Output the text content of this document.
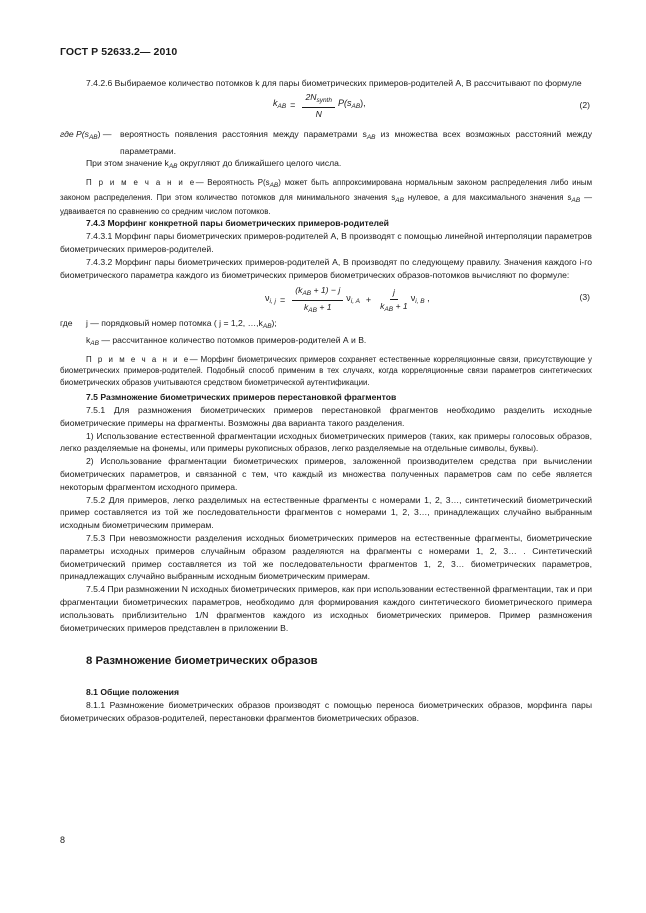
ГОСТ Р 52633.2— 2010

7.4.2.6 Выбираемое количество потомков k для пары биометрических примеров-родителей А, В рассчитывают по формуле

$k_{AB} = \frac{2N_{synth}}{N} P(s_{AB})$,	(2)
где $P(s_{AB})$ — вероятность появления расстояния между параметрами $s_{AB}$ из множества всех возможных расстояний между параметрами.

При этом значение $k_{AB}$ округляют до ближайшего целого числа.

П р и м е ч а н и е— Вероятность $P(s_{AB})$ может быть аппроксимирована нормальным законом распределения либо иным законом распределения. При этом количество потомков для минимального значения $s_{AB}$ нулевое, а для максимального значения $s_{AB}$ — удваивается по сравнению со средним числом потомков.

7.4.3 Морфинг конкретной пары биометрических примеров-родителей

7.4.3.1 Морфинг пары биометрических примеров-родителей А, В производят с помощью линейной интерполяции параметров биометрических примеров-родителей.

7.4.3.2 Морфинг пары биометрических примеров-родителей А, В производят по следующему правилу. Значения каждого i-го биометрического параметра каждого из биометрических примеров биометрических образов-потомков вычисляют по формуле:

$\nu_{i, j} = \frac{(k_{AB} + 1) - j}{k_{AB} + 1} \nu_{i, A} + \frac{j}{k_{AB} + 1} \nu_{i, B}$ ,	(3)
где	j — порядковый номер потомка ( j = 1,2, $\dots,k_{AB}$);
$k_{AB}$ — рассчитанное количество потомков примеров-родителей А и В.

П р и м е ч а н и е— Морфинг биометрических примеров сохраняет естественные корреляционные связи, присутствующие у биометрических примеров-родителей. Подобный способ применим в тех случаях, когда корреляционные связи параметров синтетических биометрических образов учитываются средством биометрической аутентификации.

7.5 Размножение биометрических примеров перестановкой фрагментов

7.5.1 Для размножения биометрических примеров перестановкой фрагментов необходимо разделить исходные биометрические примеры на фрагменты. Возможны два варианта такого разделения.

1) Использование естественной фрагментации исходных биометрических примеров (таких, как примеры голосовых образов, легко разделяемые на фонемы, или примеры рукописных образов, легко разделяемые на отдельные символы, буквы).

2) Использование фрагментации биометрических примеров, заложенной производителем средства при вычислении биометрических параметров, и связанной с тем, что каждый из множества полученных параметров сам по себе является некоторым фрагментом исходного примера.

7.5.2 Для примеров, легко разделимых на естественные фрагменты с номерами 1, 2, 3…, синтетический биометрический пример составляется из той же последовательности фрагментов с номерами 1, 2, 3…, принадлежащих случайно выбранным исходным биометрическим примерам.

7.5.3 При невозможности разделения исходных биометрических примеров на естественные фрагменты, биометрические параметры исходных примеров случайным образом разделяются на фрагменты с номерами 1, 2, 3… . Синтетический биометрический пример составляется из той же последовательности фрагментов 1, 2, 3… биометрических параметров, принадлежащих случайно выбранным исходным биометрическим примерам.

7.5.4 При размножении N исходных биометрических примеров, как при использовании естественной фрагментации, так и при фрагментации биометрических параметров, необходимо для формирования каждого синтетического биометрического примера использовать приблизительно 1/N фрагментов каждого из исходных биометрических примеров. Пример размножения биометрических примеров представлен в приложении В.

8 Размножение биометрических образов

8.1 Общие положения

8.1.1 Размножение биометрических образов производят с помощью переноса биометрических образов, морфинга пары биометрических образов-родителей, перестановки фрагментов биометрических образов.

8
